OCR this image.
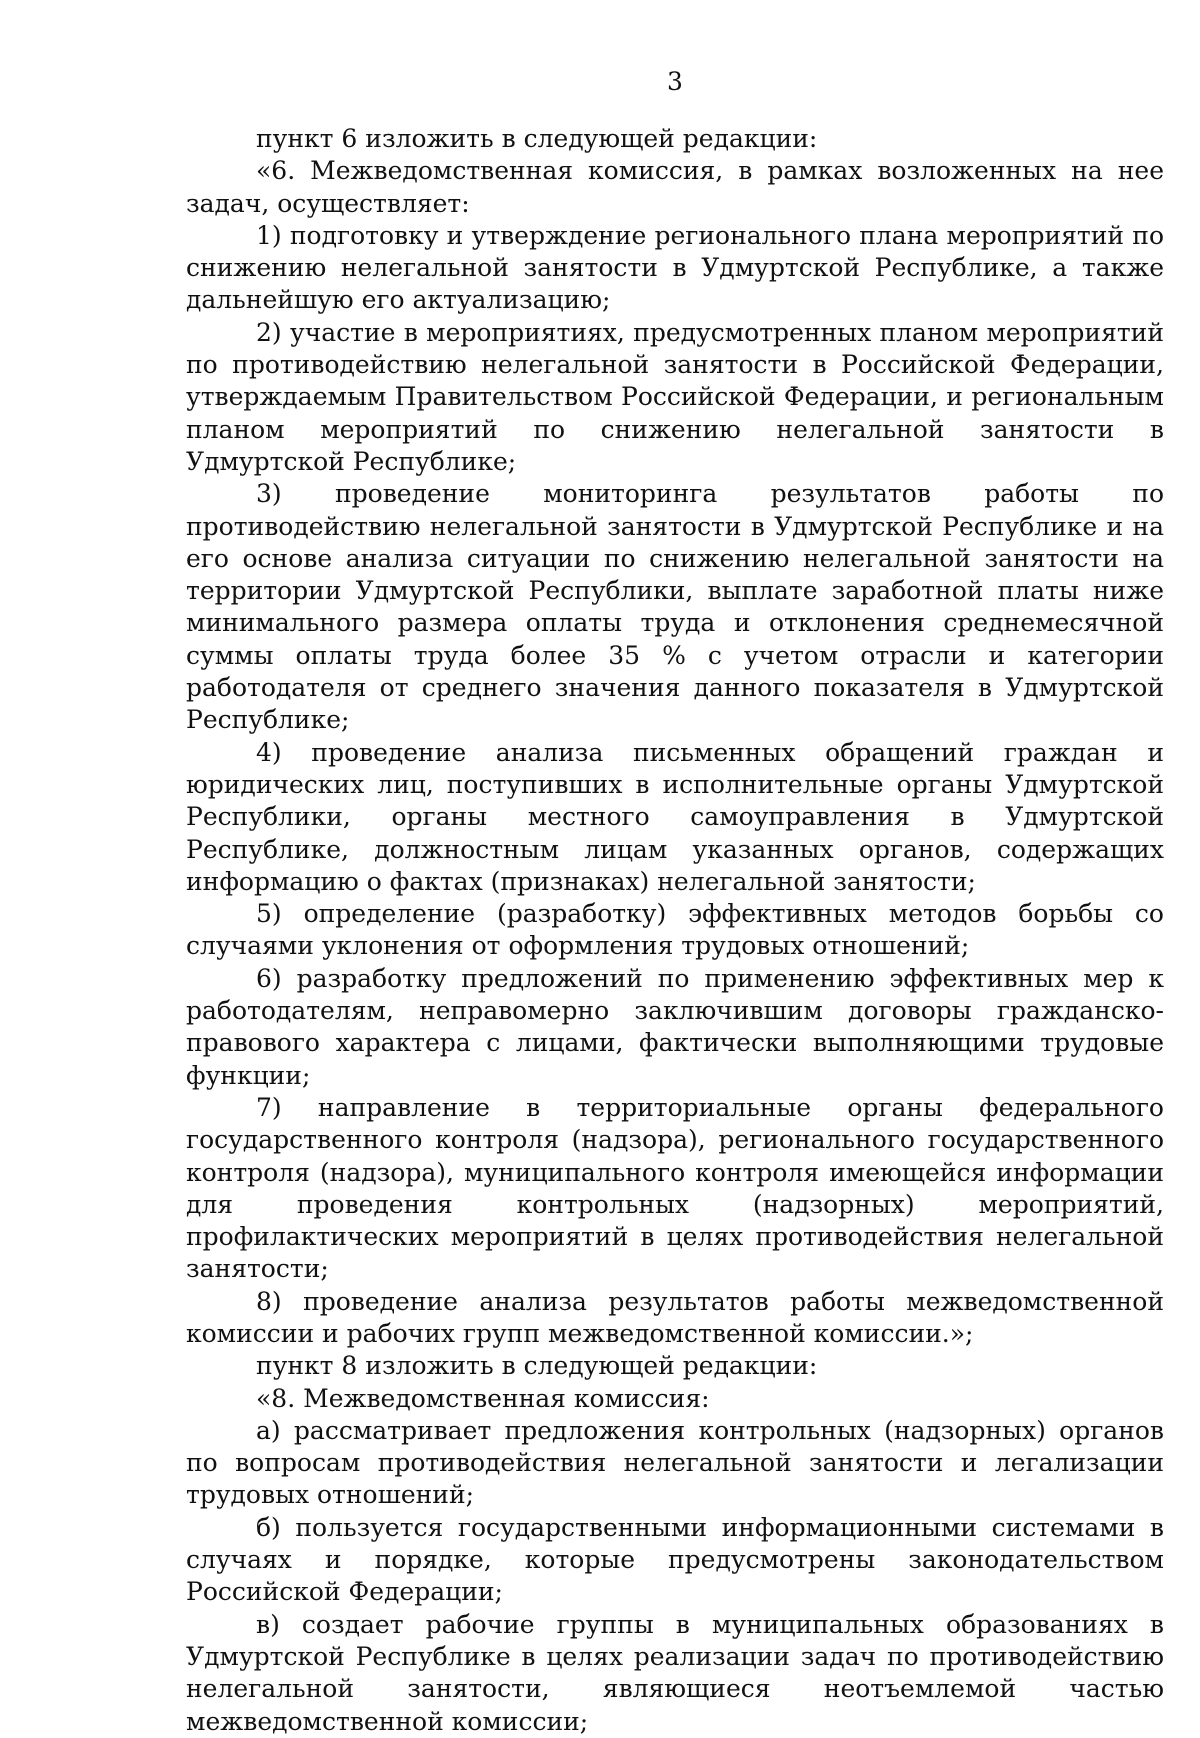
3

пункт 6 изложить в следующей редакции:

«6. Межведомственная комиссия, в рамках возложенных на нее задач, осуществляет:

1) подготовку и утверждение регионального плана мероприятий по снижению нелегальной занятости в Удмуртской Республике, а также дальнейшую его актуализацию;

2) участие в мероприятиях, предусмотренных планом мероприятий по противодействию нелегальной занятости в Российской Федерации, утверждаемым Правительством Российской Федерации, и региональным планом мероприятий по снижению нелегальной занятости в Удмуртской Республике;

3) проведение мониторинга результатов работы по противодействию нелегальной занятости в Удмуртской Республике и на его основе анализа ситуации по снижению нелегальной занятости на территории Удмуртской Республики, выплате заработной платы ниже минимального размера оплаты труда и отклонения среднемесячной суммы оплаты труда более 35 % с учетом отрасли и категории работодателя от среднего значения данного показателя в Удмуртской Республике;

4) проведение анализа письменных обращений граждан и юридических лиц, поступивших в исполнительные органы Удмуртской Республики, органы местного самоуправления в Удмуртской Республике, должностным лицам указанных органов, содержащих информацию о фактах (признаках) нелегальной занятости;

5) определение (разработку) эффективных методов борьбы со случаями уклонения от оформления трудовых отношений;

6) разработку предложений по применению эффективных мер к работодателям, неправомерно заключившим договоры гражданско-правового характера с лицами, фактически выполняющими трудовые функции;

7) направление в территориальные органы федерального государственного контроля (надзора), регионального государственного контроля (надзора), муниципального контроля имеющейся информации для проведения контрольных (надзорных) мероприятий, профилактических мероприятий в целях противодействия нелегальной занятости;

8) проведение анализа результатов работы межведомственной комиссии и рабочих групп межведомственной комиссии.»;

пункт 8 изложить в следующей редакции:

«8. Межведомственная комиссия:

а) рассматривает предложения контрольных (надзорных) органов по вопросам противодействия нелегальной занятости и легализации трудовых отношений;

б) пользуется государственными информационными системами в случаях и порядке, которые предусмотрены законодательством Российской Федерации;

в) создает рабочие группы в муниципальных образованиях в Удмуртской Республике в целях реализации задач по противодействию нелегальной занятости, являющиеся неотъемлемой частью межведомственной комиссии;
